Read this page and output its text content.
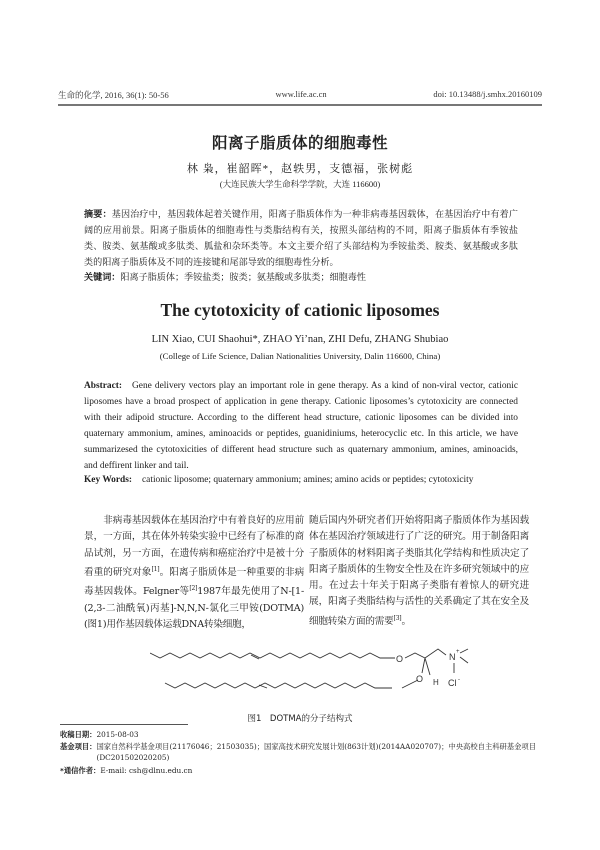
生命的化学, 2016, 36(1): 50-56	www.life.ac.cn	doi: 10.13488/j.smhx.20160109
阳离子脂质体的细胞毒性
林 枭，崔韶晖*，赵轶男，支德福，张树彪
(大连民族大学生命科学学院，大连 116600)
摘要：基因治疗中，基因载体起着关键作用，阳离子脂质体作为一种非病毒基因载体，在基因治疗中有着广阔的应用前景。阳离子脂质体的细胞毒性与类脂结构有关，按照头部结构的不同，阳离子脂质体有季铵盐类、胺类、氨基酸或多肽类、胍盐和杂环类等。本文主要介绍了头部结构为季铵盐类、胺类、氨基酸或多肽类的阳离子脂质体及不同的连接键和尾部导致的细胞毒性分析。
关键词：阳离子脂质体；季铵盐类；胺类；氨基酸或多肽类；细胞毒性
The cytotoxicity of cationic liposomes
LIN Xiao, CUI Shaohui*, ZHAO Yi’nan, ZHI Defu, ZHANG Shubiao
(College of Life Science, Dalian Nationalities University, Dalin 116600, China)
Abstract: Gene delivery vectors play an important role in gene therapy. As a kind of non-viral vector, cationic liposomes have a broad prospect of application in gene therapy. Cationic liposomes’s cytotoxicity are connected with their adipoid structure. According to the different head structure, cationic liposomes can be divided into quaternary ammonium, amines, aminoacids or peptides, guanidiniums, heterocyclic etc. In this article, we have summarizesed the cytotoxicities of different head structure such as quaternary ammonium, amines, aminoacids, and deffirent linker and tail.
Key Words: cationic liposome; quaternary ammonium; amines; amino acids or peptides; cytotoxicity
非病毒基因载体在基因治疗中有着良好的应用前景，一方面，其在体外转染实验中已经有了标准的商品试剂，另一方面，在遗传病和癌症治疗中是被十分看重的研究对象[1]。阳离子脂质体是一种重要的非病毒基因载体。Felgner等[2]1987年最先使用了N-[1-(2,3-二油酰氧)丙基]-N,N,N-氯化三甲铵(DOTMA)(图1)用作基因载体运载DNA转染细胞，
随后国内外研究者们开始将阳离子脂质体作为基因载体在基因治疗领域进行了广泛的研究。用于制备阳离子脂质体的材料阳离子类脂其化学结构和性质决定了阳离子脂质体的生物安全性及在许多研究领域中的应用。在过去十年关于阳离子类脂有着惊人的研究进展，阳离子类脂结构与活性的关系确定了其在安全及细胞转染方面的需要[3]。
O
O
N +
H Cl -
图1　DOTMA的分子结构式
收稿日期：2015-08-03
基金项目： 国家自然科学基金项目(21176046；21503035)；国家高技术研究发展计划(863计划)(2014AA020707)；中央高校自主科研基金项目(DC201502020205)
*通信作者：E-mail: csh@dlnu.edu.cn
